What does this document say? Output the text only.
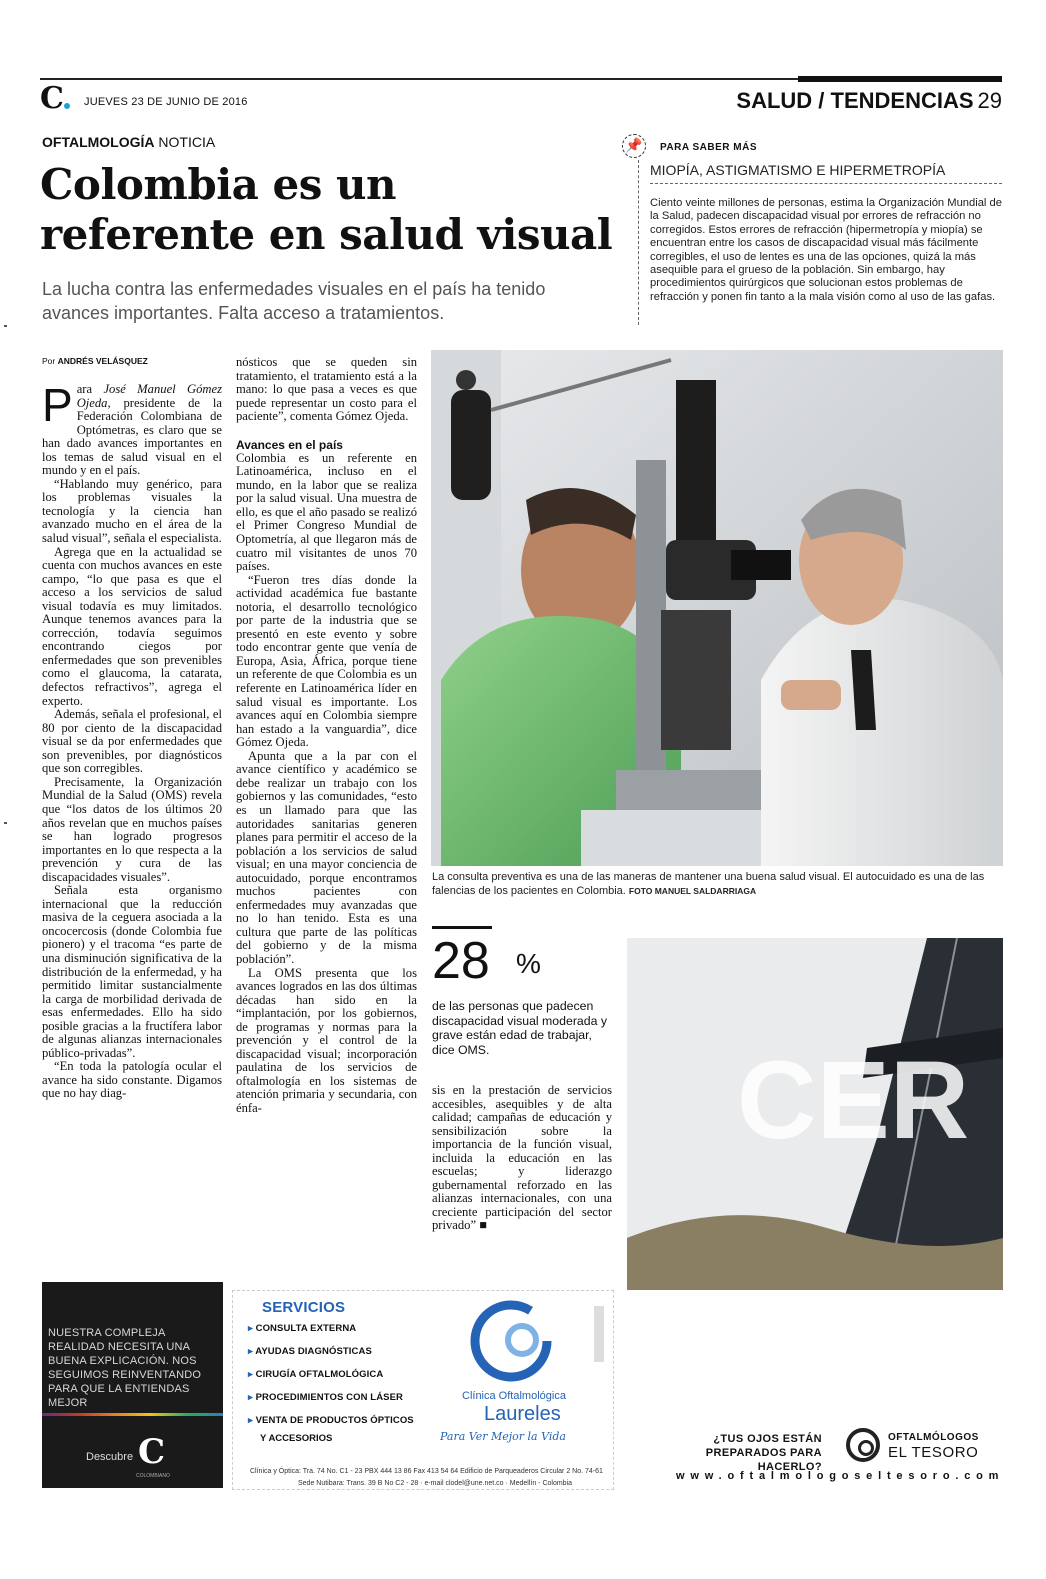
C JUEVES 23 DE JUNIO DE 2016	SALUD / TENDENCIAS 29
OFTALMOLOGÍA NOTICIA
Colombia es un referente en salud visual
La lucha contra las enfermedades visuales en el país ha tenido avances importantes. Falta acceso a tratamientos.
📌	PARA SABER MÁS
MIOPÍA, ASTIGMATISMO E HIPERMETROPÍA
Ciento veinte millones de personas, estima la Organización Mundial de la Salud, padecen discapacidad visual por errores de refracción no corregidos. Estos errores de refracción (hipermetropía y miopía) se encuentran entre los casos de discapacidad visual más fácilmente corregibles, el uso de lentes es una de las opciones, quizá la más asequible para el grueso de la población. Sin embargo, hay procedimientos quirúrgicos que solucionan estos problemas de refracción y ponen fin tanto a la mala visión como al uso de las gafas.
Por ANDRÉS VELÁSQUEZ

Para José Manuel Gómez Ojeda, presidente de la Federación Colombiana de Optómetras, es claro que se han dado avances importantes en los temas de salud visual en el mundo y en el país.

“Hablando muy genérico, para los problemas visuales la tecnología y la ciencia han avanzado mucho en el área de la salud visual”, señala el especialista.

Agrega que en la actualidad se cuenta con muchos avances en este campo, “lo que pasa es que el acceso a los servicios de salud visual todavía es muy limitados. Aunque tenemos avances para la corrección, todavía seguimos encontrando ciegos por enfermedades que son prevenibles como el glaucoma, la catarata, defectos refractivos”, agrega el experto.

Además, señala el profesional, el 80 por ciento de la discapacidad visual se da por enfermedades que son prevenibles, por diagnósticos que son corregibles.

Precisamente, la Organización Mundial de la Salud (OMS) revela que “los datos de los últimos 20 años revelan que en muchos países se han logrado progresos importantes en lo que respecta a la prevención y cura de las discapacidades visuales”.

Señala esta organismo internacional que la reducción masiva de la ceguera asociada a la oncocercosis (donde Colombia fue pionero) y el tracoma “es parte de una disminución significativa de la distribución de la enfermedad, y ha permitido limitar sustancialmente la carga de morbilidad derivada de esas enfermedades. Ello ha sido posible gracias a la fructífera labor de algunas alianzas internacionales público-privadas”.

“En toda la patología ocular el avance ha sido constante. Digamos que no hay diag-

nósticos que se queden sin tratamiento, el tratamiento está a la mano: lo que pasa a veces es que puede representar un costo para el paciente”, comenta Gómez Ojeda.

Avances en el país

Colombia es un referente en Latinoamérica, incluso en el mundo, en la labor que se realiza por la salud visual. Una muestra de ello, es que el año pasado se realizó el Primer Congreso Mundial de Optometría, al que llegaron más de cuatro mil visitantes de unos 70 países.

“Fueron tres días donde la actividad académica fue bastante notoria, el desarrollo tecnológico por parte de la industria que se presentó en este evento y sobre todo encontrar gente que venía de Europa, Asia, África, porque tiene un referente de que Colombia es un referente en Latinoamérica líder en salud visual es importante. Los avances aquí en Colombia siempre han estado a la vanguardia”, dice Gómez Ojeda.

Apunta que a la par con el avance científico y académico se debe realizar un trabajo con los gobiernos y las comunidades, “esto es un llamado para que las autoridades sanitarias generen planes para permitir el acceso de la población a los servicios de salud visual; en una mayor conciencia de autocuidado, porque encontramos muchos pacientes con enfermedades muy avanzadas que no lo han tenido. Esta es una cultura que parte de las políticas del gobierno y de la misma población”.

La OMS presenta que los avances logrados en las dos últimas décadas han sido en la “implantación, por los gobiernos, de programas y normas para la prevención y el control de la discapacidad visual; incorporación paulatina de los servicios de oftalmología en los sistemas de atención primaria y secundaria, con énfa-

La consulta preventiva es una de las maneras de mantener una buena salud visual. El autocuidado es una de las falencias de los pacientes en Colombia. FOTO MANUEL SALDARRIAGA
28 %
de las personas que padecen discapacidad visual moderada y grave están edad de trabajar, dice OMS.

sis en la prestación de servicios accesibles, asequibles y de alta calidad; campañas de educación y sensibilización sobre la importancia de la función visual, incluida la educación en las escuelas; y liderazgo gubernamental reforzado en las alianzas internacionales, con una creciente participación del sector privado” ■

CER
¿TUS OJOS ESTÁN PREPARADOS PARA HACERLO?
OFTALMÓLOGOS
EL TESORO
www.oftalmologoseltesoro.com
NUESTRA COMPLEJA REALIDAD NECESITA UNA BUENA EXPLICACIÓN. NOS SEGUIMOS REINVENTANDO PARA QUE LA ENTIENDAS MEJOR
Descubre C
COLOMBIANO
SERVICIOS
▸ CONSULTA EXTERNA
▸ AYUDAS DIAGNÓSTICAS
▸ CIRUGÍA OFTALMOLÓGICA
▸ PROCEDIMIENTOS CON LÁSER
▸ VENTA DE PRODUCTOS ÓPTICOS
Y ACCESORIOS
Clínica Oftalmológica
Laureles
Para Ver Mejor la Vida
Clínica y Óptica: Tra. 74 No. C1 - 23 PBX 444 13 86 Fax 413 54 64 Edificio de Parqueaderos Circular 2 No. 74-61
Sede Nutibara: Trans. 39 B No C2 - 28 · e-mail clodel@une.net.co · Medellín - Colombia
